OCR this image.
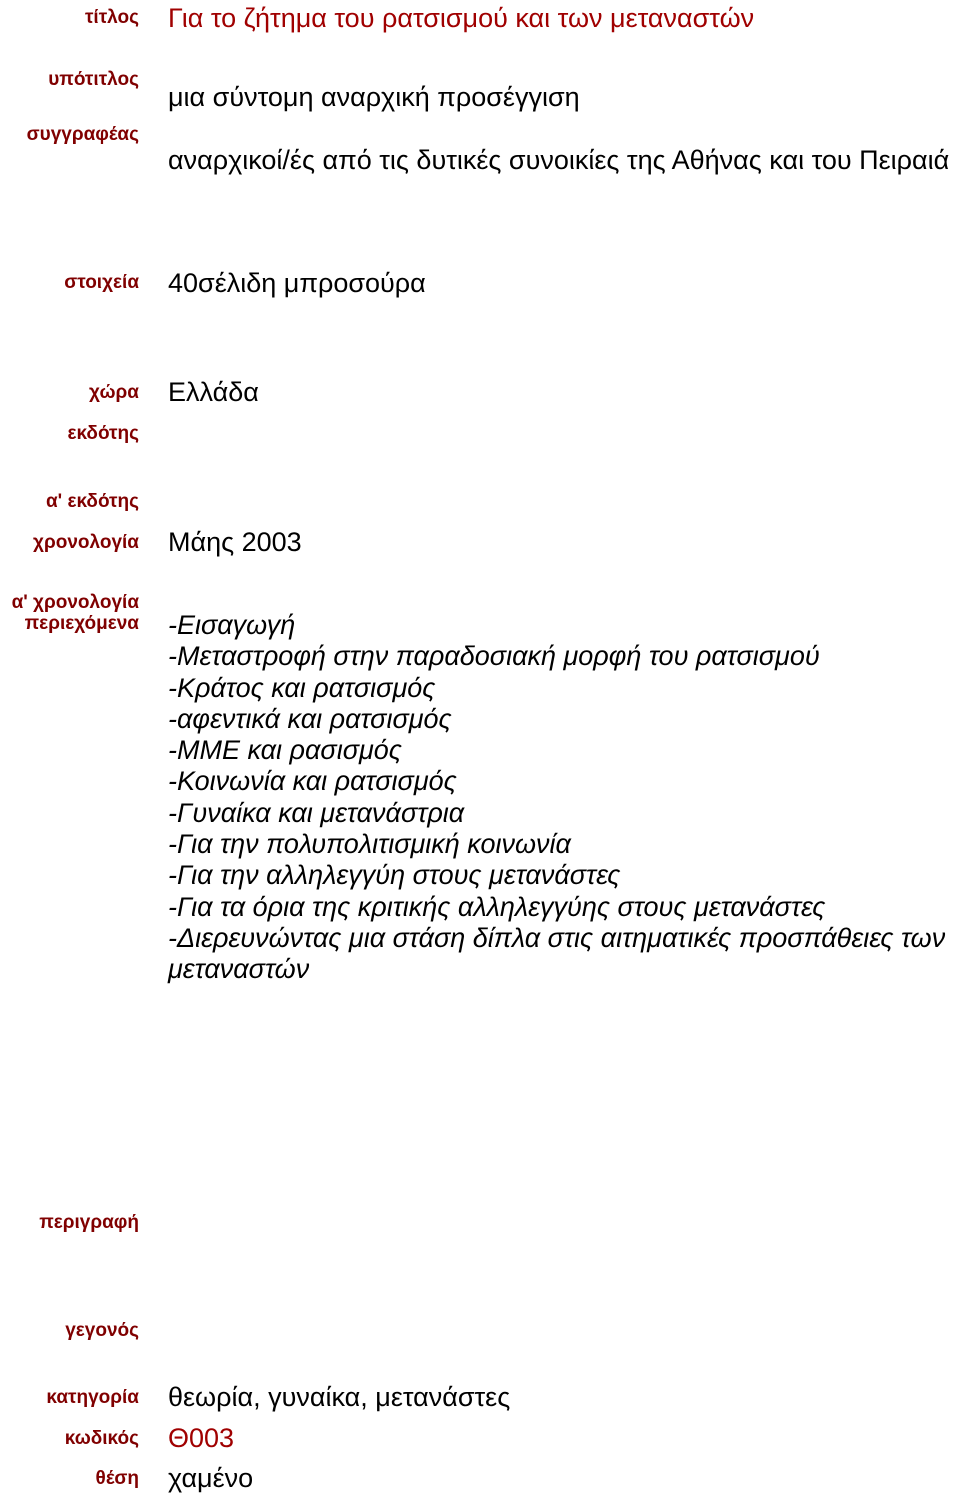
τίτλος Για το ζήτημα του ρατσισμού και των μεταναστών
υπότιτλος
μια σύντομη αναρχική προσέγγιση
συγγραφέας
αναρχικοί/ές από τις δυτικές συνοικίες της Αθήνας και του Πειραιά
στοιχεία 40σέλιδη μπροσούρα
χώρα Ελλάδα
εκδότης
α' εκδότης
χρονολογία Μάης 2003
α' χρονολογία
περιεχόμενα -Εισαγωγή
-Μεταστροφή στην παραδοσιακή μορφή του ρατσισμού
-Κράτος και ρατσισμός
-αφεντικά και ρατσισμός
-ΜΜΕ και ρασισμός
-Κοινωνία και ρατσισμός
-Γυναίκα και μετανάστρια
-Για την πολυπολιτισμική κοινωνία
-Για την αλληλεγγύη στους μετανάστες
-Για τα όρια της κριτικής αλληλεγγύης στους μετανάστες
-Διερευνώντας μια στάση δίπλα στις αιτηματικές προσπάθειες των μεταναστών
περιγραφή
γεγονός
κατηγορία θεωρία, γυναίκα, μετανάστες
κωδικός Θ003
θέση χαμένο
